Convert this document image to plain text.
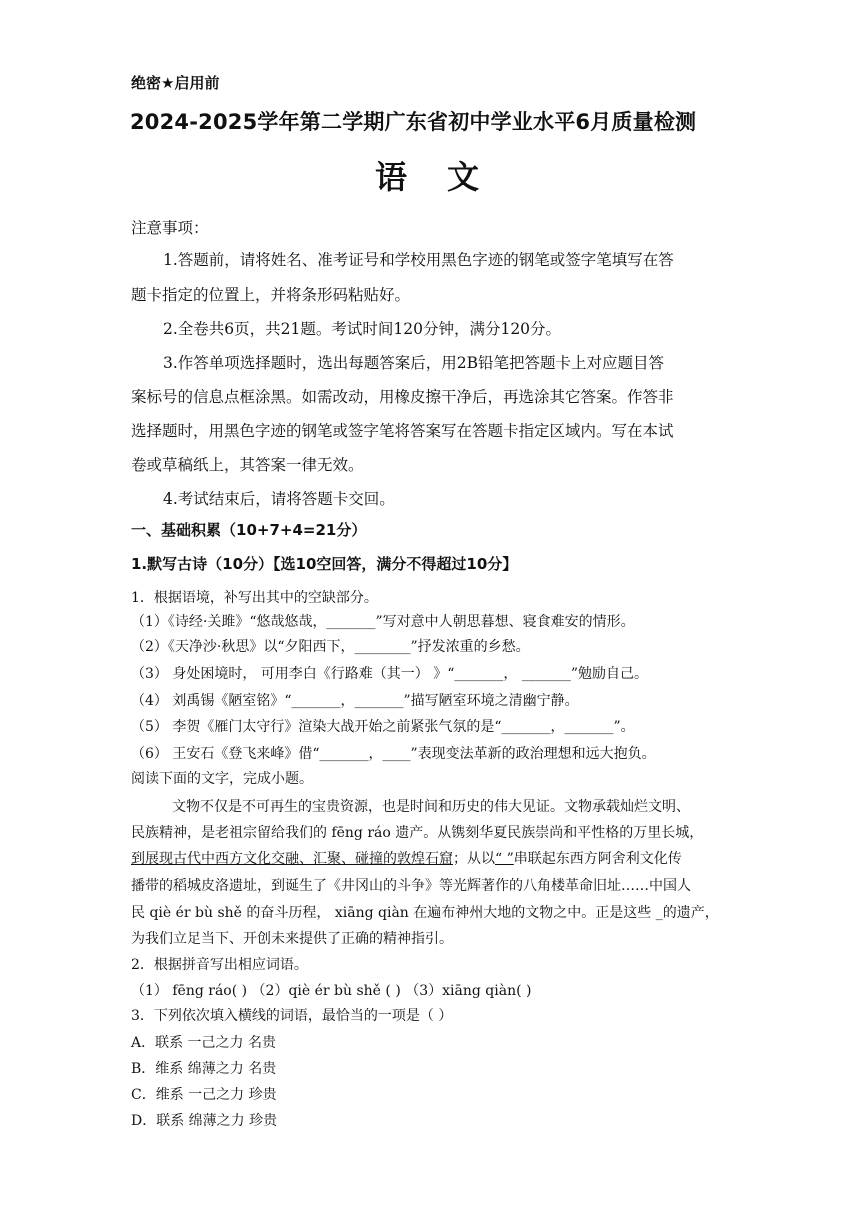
绝密★启用前
2024-2025学年第二学期广东省初中学业水平6月质量检测
语文
注意事项：
1.答题前，请将姓名、准考证号和学校用黑色字迹的钢笔或签字笔填写在答
题卡指定的位置上，并将条形码粘贴好。
2.全卷共6页，共21题。考试时间120分钟，满分120分。
3.作答单项选择题时，选出每题答案后，用2B铅笔把答题卡上对应题目答
案标号的信息点框涂黑。如需改动，用橡皮擦干净后，再选涂其它答案。作答非
选择题时，用黑色字迹的钢笔或签字笔将答案写在答题卡指定区域内。写在本试
卷或草稿纸上，其答案一律无效。
4.考试结束后，请将答题卡交回。
一、基础积累（10+7+4=21分）
1.默写古诗（10分）【选10空回答，满分不得超过10分】
1．根据语境，补写出其中的空缺部分。
（1）《诗经·关雎》“悠哉悠哉，_______”写对意中人朝思暮想、寝食难安的情形。
（2）《天净沙·秋思》以“夕阳西下，________”抒发浓重的乡愁。
（3） 身处困境时， 可用李白《行路难（其一） 》“_______， _______”勉励自己。
（4） 刘禹锡《陋室铭》“_______，_______”描写陋室环境之清幽宁静。
（5） 李贺《雁门太守行》渲染大战开始之前紧张气氛的是“_______，_______”。
（6） 王安石《登飞来峰》借“_______，____”表现变法革新的政治理想和远大抱负。
阅读下面的文字，完成小题。
文物不仅是不可再生的宝贵资源，也是时间和历史的伟大见证。文物承载灿烂文明、
民族精神，是老祖宗留给我们的 fēng ráo 遗产。从镌刻华夏民族崇尚和平性格的万里长城，
到展现古代中西方文化交融、汇聚、碰撞的敦煌石窟；从以“ ”串联起东西方阿舍利文化传
播带的稻城皮洛遗址，到诞生了《井冈山的斗争》等光辉著作的八角楼革命旧址……中国人
民 qiè ér bù shě 的奋斗历程， xiāng qiàn 在遍布神州大地的文物之中。正是这些 _的遗产，
为我们立足当下、开创未来提供了正确的精神指引。
2．根据拼音写出相应词语。
（1） fēng ráo( ) （2）qiè ér bù shě ( ) （3）xiāng qiàn( )
3．下列依次填入横线的词语，最恰当的一项是（ ）
A．联系 一己之力 名贵
B．维系 绵薄之力 名贵
C．维系 一己之力 珍贵
D．联系 绵薄之力 珍贵
